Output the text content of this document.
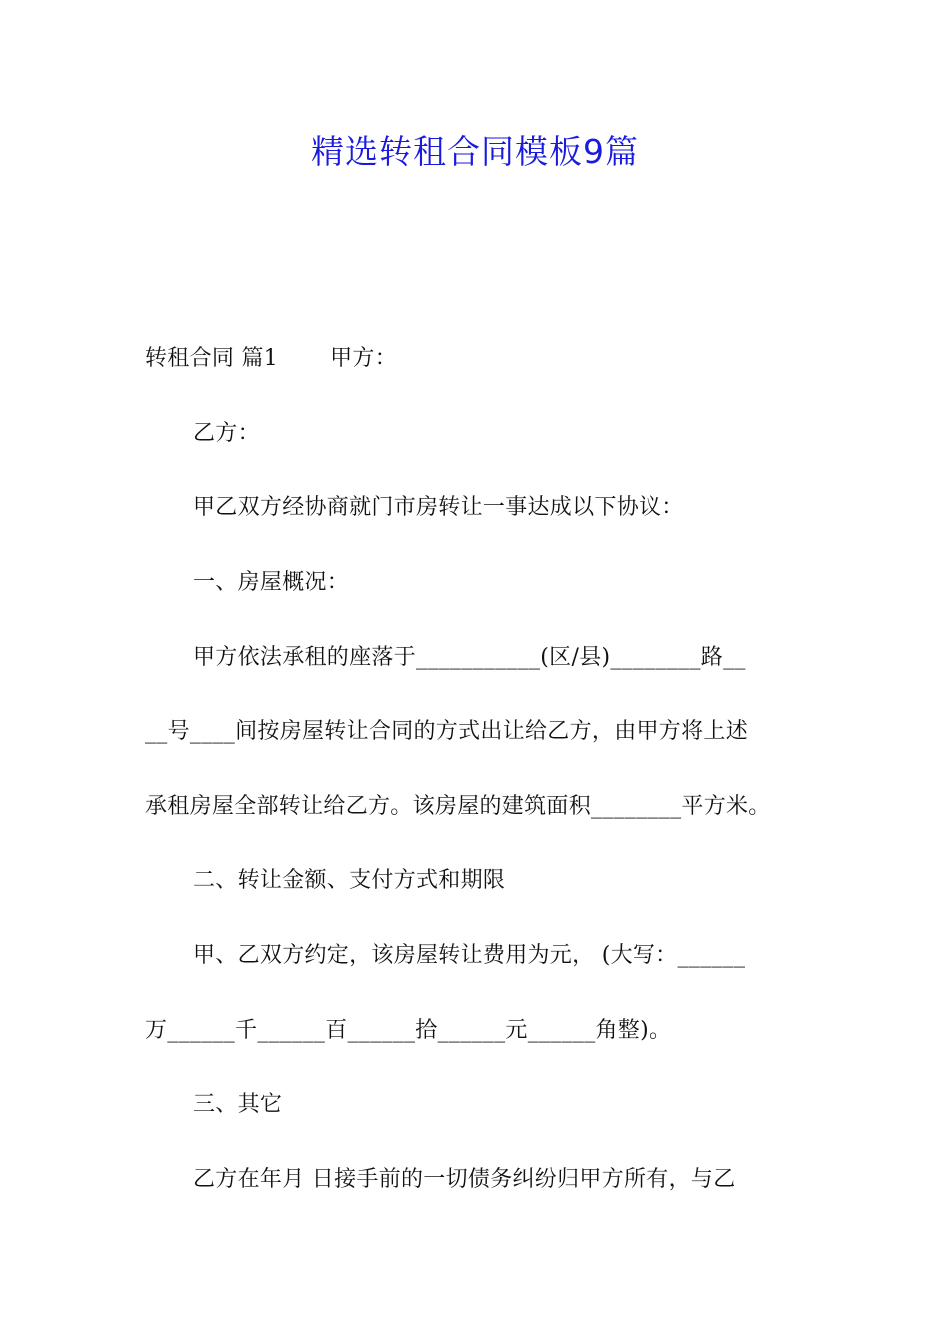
精选转租合同模板9篇
转租合同 篇1 甲方：
乙方：
甲乙双方经协商就门市房转让一事达成以下协议：
一、房屋概况：
甲方依法承租的座落于___________(区/县)________路__
__号____间按房屋转让合同的方式出让给乙方，由甲方将上述
承租房屋全部转让给乙方。该房屋的建筑面积________平方米。
二、转让金额、支付方式和期限
甲、乙双方约定，该房屋转让费用为元， (大写：______
万______千______百______拾______元______角整)。
三、其它
乙方在年月 日接手前的一切债务纠纷归甲方所有，与乙
